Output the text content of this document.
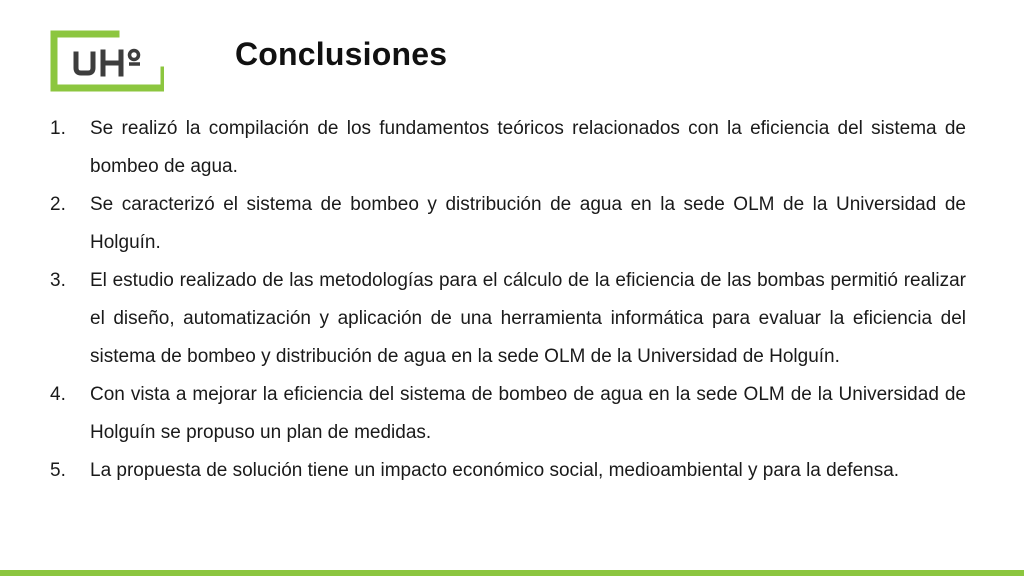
Conclusiones
1. Se realizó la compilación de los fundamentos teóricos relacionados con la eficiencia del sistema de bombeo de agua.
2. Se caracterizó el sistema de bombeo y distribución de agua en la sede OLM de la Universidad de Holguín.
3. El estudio realizado de las metodologías para el cálculo de la eficiencia de las bombas permitió realizar el diseño, automatización y aplicación de una herramienta informática para evaluar la eficiencia del sistema de bombeo y distribución de agua en la sede OLM de la Universidad de Holguín.
4. Con vista a mejorar la eficiencia del sistema de bombeo de agua en la sede OLM de la Universidad de Holguín se propuso un plan de medidas.
5. La propuesta de solución tiene un impacto económico social, medioambiental y para la defensa.
